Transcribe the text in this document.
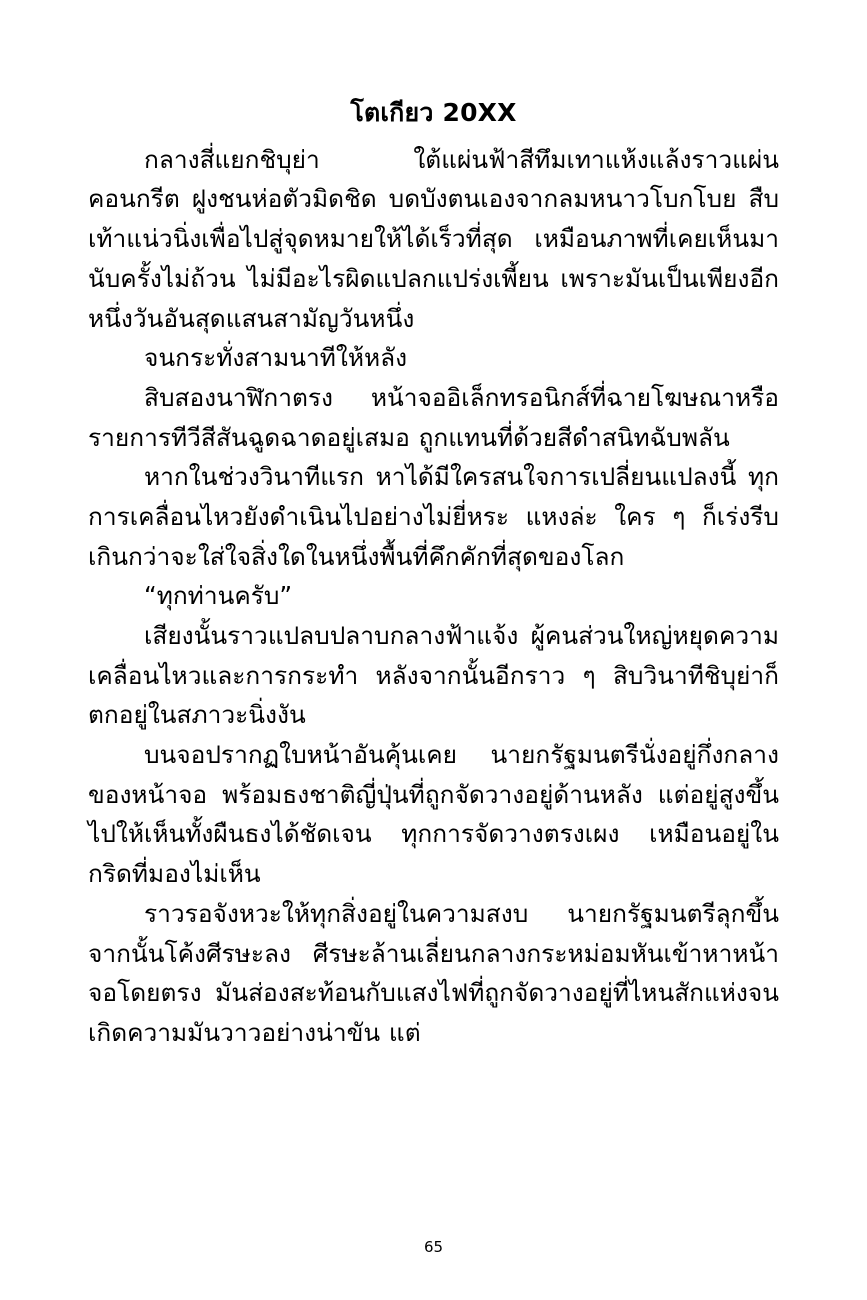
โตเกียว 20XX

กลางสี่แยกชิบุย่า ใต้แผ่นฟ้าสีทึมเทาแห้งแล้งราวแผ่นคอนกรีต ฝูงชนห่อตัวมิดชิด บดบังตนเองจากลมหนาวโบกโบย สืบเท้าแน่วนิ่งเพื่อไปสู่จุดหมายให้ได้เร็วที่สุด เหมือนภาพที่เคยเห็นมานับครั้งไม่ถ้วน ไม่มีอะไรผิดแปลกแปร่งเพี้ยน เพราะมันเป็นเพียงอีกหนึ่งวันอันสุดแสนสามัญวันหนึ่ง

จนกระทั่งสามนาทีให้หลัง

สิบสองนาฬิกาตรง หน้าจออิเล็กทรอนิกส์ที่ฉายโฆษณาหรือรายการทีวีสีสันฉูดฉาดอยู่เสมอ ถูกแทนที่ด้วยสีดำสนิทฉับพลัน

หากในช่วงวินาทีแรก หาได้มีใครสนใจการเปลี่ยนแปลงนี้ ทุกการเคลื่อนไหวยังดำเนินไปอย่างไม่ยี่หระ แหงล่ะ ใคร ๆ ก็เร่งรีบเกินกว่าจะใส่ใจสิ่งใดในหนึ่งพื้นที่คึกคักที่สุดของโลก

“ทุกท่านครับ”

เสียงนั้นราวแปลบปลาบกลางฟ้าแจ้ง ผู้คนส่วนใหญ่หยุดความเคลื่อนไหวและการกระทำ หลังจากนั้นอีกราว ๆ สิบวินาทีชิบุย่าก็ตกอยู่ในสภาวะนิ่งงัน

บนจอปรากฏใบหน้าอันคุ้นเคย นายกรัฐมนตรีนั่งอยู่กึ่งกลางของหน้าจอ พร้อมธงชาติญี่ปุ่นที่ถูกจัดวางอยู่ด้านหลัง แต่อยู่สูงขึ้นไปให้เห็นทั้งผืนธงได้ชัดเจน ทุกการจัดวางตรงเผง เหมือนอยู่ในกริดที่มองไม่เห็น

ราวรอจังหวะให้ทุกสิ่งอยู่ในความสงบ นายกรัฐมนตรีลุกขึ้น จากนั้นโค้งศีรษะลง ศีรษะล้านเลี่ยนกลางกระหม่อมหันเข้าหาหน้าจอโดยตรง มันส่องสะท้อนกับแสงไฟที่ถูกจัดวางอยู่ที่ไหนสักแห่งจนเกิดความมันวาวอย่างน่าขัน แต่

65
